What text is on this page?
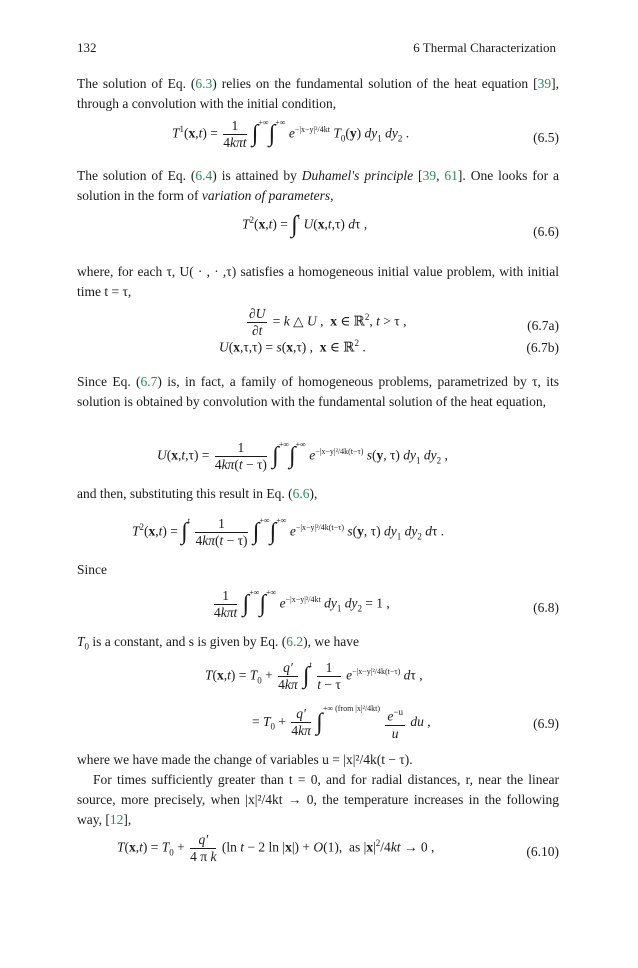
132	6 Thermal Characterization
The solution of Eq. (6.3) relies on the fundamental solution of the heat equation [39], through a convolution with the initial condition,
$T^1(x,t) = \frac{1}{\text{4kπt}} \int^{+\infty}\int^{+\infty}$ $e^{-|x-y|^2/4kt}$ $T_0(y)$ $dy_1$ $dy_2$ .	(6.5)
The solution of Eq. (6.4) is attained by Duhamel's principle [39, 61]. One looks for a solution in the form of variation of parameters,
$T^2(x,t) = \int^t$ U(x,t,τ) dτ ,	(6.6)
where, for each τ, U( · , · ,τ) satisfies a homogeneous initial value problem, with initial time t = τ,
$\frac{\partial U}{\partial t} = k$ △ U ,  x ∈ ℝ$^2$, t > τ ,	(6.7a)
U(x,τ,τ) = s(x,τ) ,  x ∈ ℝ$^2$ .	(6.7b)
Since Eq. (6.7) is, in fact, a family of homogeneous problems, parametrized by τ, its solution is obtained by convolution with the fundamental solution of the heat equation,
$U(x,t,\tau) = \frac{1}{4k\pi(t - \tau)} \int^{+\infty}\int^{+\infty}$ $e^{-|x-y|^2/4k(t-\tau)}$ s(y, τ) $dy_1$ $dy_2$ ,
and then, substituting this result in Eq. (6.6),
$T^2(x,t) = \int^t \frac{1}{4k\pi(t - \tau)} \int^{+\infty}\int^{+\infty}$ $e^{-|x-y|^2/4k(t-\tau)}$ s(y, τ) $dy_1$ $dy_2$ dτ .
Since
$\frac{1}{\text{4kπt}} \int^{+\infty}\int^{+\infty}$ $e^{-|x-y|^2/4kt}$ $dy_1$ $dy_2 = 1$ ,	(6.8)
$T_0$ is a constant, and s is given by Eq. (6.2), we have
$T(x,t) = T_0 + \frac{q'}{4k\pi} \int^t \frac{1}{t - \tau} e^{-|x-y|^2/4k(t-\tau)}$ dτ ,
= $T_0 + \frac{q'}{4k\pi} \int^{+\infty (from |x|^2/4kt)} \frac{e^{-u}}{u}$ du ,	(6.9)
where we have made the change of variables u = |x|²/4k(t − τ).
For times sufficiently greater than t = 0, and for radial distances, r, near the linear source, more precisely, when |x|²/4kt → 0, the temperature increases in the following way, [12],
$T(x,t) = T_0 + \frac{q'}{\text{4 π k}} (\ln$ t − 2 ln |x|) + O(1),  as $|x|^2/4kt \to 0$ ,	(6.10)
